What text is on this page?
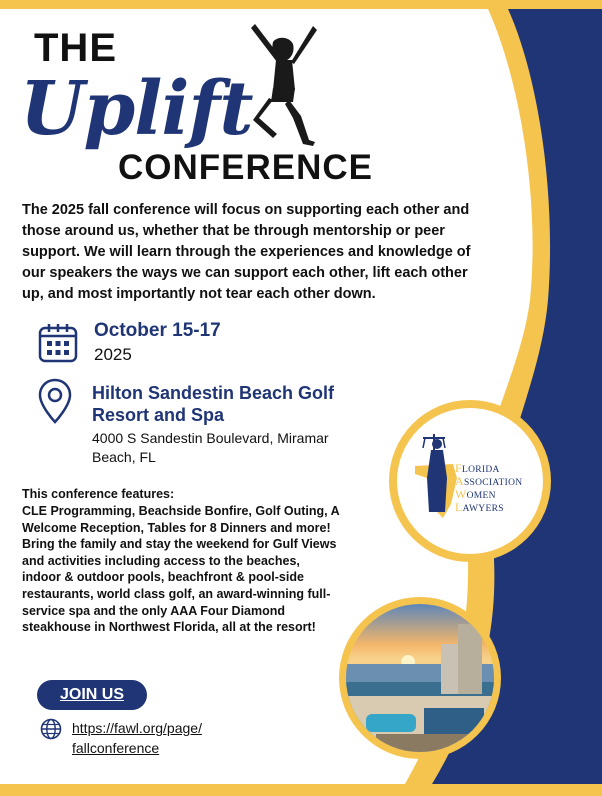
THE
Uplift
CONFERENCE
The 2025 fall conference will focus on supporting each other and those around us, whether that be through mentorship or peer support. We will learn through the experiences and knowledge of our speakers the ways we can support each other, lift each other up, and most importantly not tear each other down.
October 15-17
2025
Hilton Sandestin Beach Golf Resort and Spa
4000 S Sandestin Boulevard, Miramar Beach, FL
This conference features:
CLE Programming, Beachside Bonfire, Golf Outing, A Welcome Reception, Tables for 8 Dinners and more! Bring the family and stay the weekend for Gulf Views and activities including access to the beaches, indoor & outdoor pools, beachfront & pool-side restaurants, world class golf, an award-winning full-service spa and the only AAA Four Diamond steakhouse in Northwest Florida, all at the resort!
JOIN US
https://fawl.org/page/
fallconference
FLORIDA
ASSOCIATION
WOMEN
LAWYERS
